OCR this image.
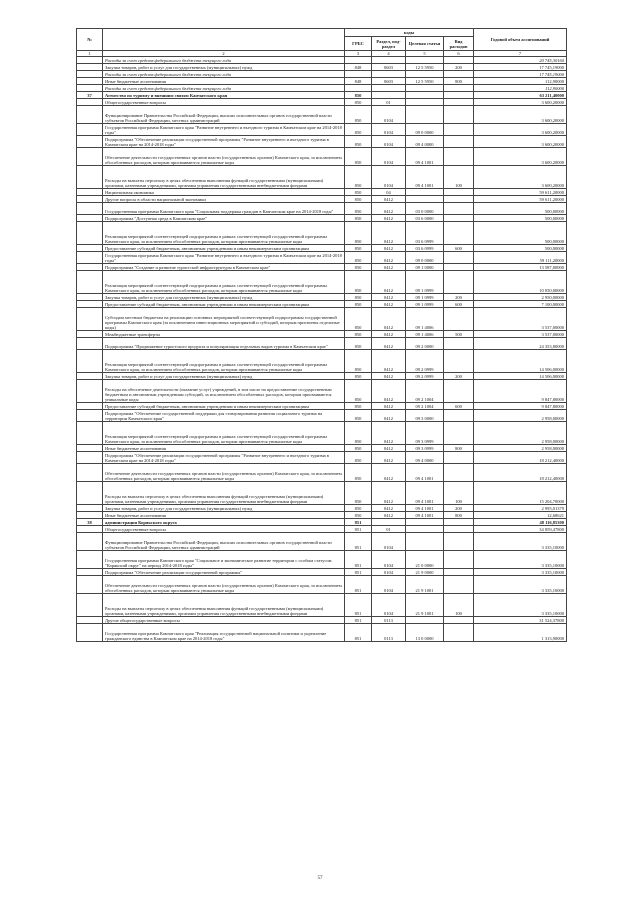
№		коды				Годовой объем ассигнований
		ГРБС	Раздел, под-раздел	Целевая статья	Вид расходов	
1	2	3	4	5	6	7
	Расходы за счет средств федерального бюджета текущего года					20 745,30160
	Закупка товаров, работ и услуг для государственных (муниципальных) нужд	848	0603	12 5 5950	200	17 745,19000
	Расходы за счет средств федерального бюджета текущего года					17 745,19000
	Иные бюджетные ассигнования	848	0603	12 5 5950	800	112,90000
	Расходы за счет средств федерального бюджета текущего года					112,90000
37	Агентство по туризму и внешним связям Камчатского края	850				63 211,40000
	Общегосударственные вопросы	850	01			3 600,20000
	Функционирование Правительства Российской Федерации, высших исполнительных органов государственной власти субъектов Российской Федерации, местных администраций	850	0104			3 600,20000
	Государственная программа Камчатского края "Развитие внутреннего и въездного туризма в Камчатском крае на 2014-2018 годы"	850	0104	09 0 0000		3 600,20000
	Подпрограмма "Обеспечение реализации государственной программы "Развитие внутреннего и въездного туризма в Камчатском крае на 2014-2018 годы"	850	0104	09 4 0000		3 600,20000
	Обеспечение деятельности государственных органов власти (государственных органов) Камчатского края, за исключением обособленных расходов, которым присваиваются уникальные коды	850	0104	09 4 1001		3 600,20000
	Расходы на выплаты персоналу в целях обеспечения выполнения функций государственными (муниципальными) органами, казенными учреждениями, органами управления государственными внебюджетными фондами	850	0104	09 4 1001	100	3 600,20000
	Национальная экономика	850	04			59 611,20000
	Другие вопросы в области национальной экономики	850	0412			59 611,20000
	Государственная программа Камчатского края "Социальная поддержка граждан в Камчатском крае на 2014-2018 годы"	850	0412	03 0 0000		500,00000
	Подпрограмма "Доступная среда в Камчатском крае"	850	0412	03 6 0000		500,00000
	Реализация мероприятий соответствующей подпрограммы в рамках соответствующей государственной программы Камчатского края, за исключением обособленных расходов, которым присваиваются уникальные коды	850	0412	03 6 0999		500,00000
	Предоставление субсидий бюджетным, автономным учреждениям и иным некоммерческим организациям	850	0412	03 6 0999	600	500,00000
	Государственная программа Камчатского края "Развитие внутреннего и въездного туризма в Камчатском крае на 2014-2018 годы"	850	0412	09 0 0000		59 111,20000
	Подпрограмма "Создание и развитие туристской инфраструктуры в Камчатском крае"	850	0412	09 1 0000		13 587,00000
	Реализация мероприятий соответствующей подпрограммы в рамках соответствующей государственной программы Камчатского края, за исключением обособленных расходов, которым присваиваются уникальные коды	850	0412	09 1 0999		10 050,00000
	Закупка товаров, работ и услуг для государственных (муниципальных) нужд	850	0412	09 1 0999	200	2 950,00000
	Предоставление субсидий бюджетным, автономным учреждениям и иным некоммерческим организациям	850	0412	09 1 0999	600	7 100,00000
	Субсидии местным бюджетам на реализацию основных мероприятий соответствующей подпрограммы государственной программы Камчатского края (за исключением инвестиционных мероприятий и субсидий, которым присвоены отдельные коды)	850	0412	09 1 4006		3 537,00000
	Межбюджетные трансферты	850	0412	09 1 4006	500	3 537,00000
	Подпрограмма "Продвижение туристского продукта и популяризация отдельных видов туризма в Камчатском крае"	850	0412	09 2 0000		24 353,80000
	Реализация мероприятий соответствующей подпрограммы в рамках соответствующей государственной программы Камчатского края, за исключением обособленных расходов, которым присваиваются уникальные коды	850	0412	09 2 0999		14 506,00000
	Закупка товаров, работ и услуг для государственных (муниципальных) нужд	850	0412	09 2 0999	200	14 506,00000
	Расходы на обеспечение деятельности (оказание услуг) учреждений, в том числе на предоставление государственным бюджетным и автономным учреждениям субсидий, за исключением обособленных расходов, которым присваиваются уникальные коды	850	0412	09 2 1004		9 847,80000
	Предоставление субсидий бюджетным, автономным учреждениям и иным некоммерческим организациям	850	0412	09 2 1004	600	9 847,80000
	Подпрограмма "Обеспечение государственной поддержки для стимулирования развития социального туризма на территории Камчатского края"	850	0412	09 3 0000		2 958,00000
	Реализация мероприятий соответствующей подпрограммы в рамках соответствующей государственной программы Камчатского края, за исключением обособленных расходов, которым присваиваются уникальные коды	850	0412	09 3 0999		2 958,00000
	Иные бюджетные ассигнования	850	0412	09 3 0999	800	2 958,00000
	Подпрограмма "Обеспечение реализации государственной программы "Развитие внутреннего и въездного туризма в Камчатском крае на 2014-2018 годы"	850	0412	09 4 0000		18 212,40000
	Обеспечение деятельности государственных органов власти (государственных органов) Камчатского края, за исключением обособленных расходов, которым присваиваются уникальные коды	850	0412	09 4 1001		18 212,40000
	Расходы на выплаты персоналу в целях обеспечения выполнения функций государственными (муниципальными) органами, казенными учреждениями, органами управления государственными внебюджетными фондами	850	0412	09 4 1001	100	15 204,70000
	Закупка товаров, работ и услуг для государственных (муниципальных) нужд	850	0412	09 4 1001	200	2 995,01379
	Иные бюджетные ассигнования	850	0412	09 4 1001	800	12,68621
38	администрация Корякского округа	851				48 116,85300
	Общегосударственные вопросы	851	01			34 859,47800
	Функционирование Правительства Российской Федерации, высших исполнительных органов государственной власти субъектов Российской Федерации, местных администраций	851	0104			3 335,10000
	Государственная программа Камчатского края "Социальное и экономическое развитие территории с особым статусом "Корякский округ" на период 2014-2018 годы"	851	0104	21 0 0000		3 335,10000
	Подпрограмма "Обеспечение реализации государственной программы"	851	0104	21 9 0000		3 335,10000
	Обеспечение деятельности государственных органов власти (государственных органов) Камчатского края, за исключением обособленных расходов, которым присваиваются уникальные коды	851	0104	21 9 1001		3 335,10000
	Расходы на выплаты персоналу в целях обеспечения выполнения функций государственными (муниципальными) органами, казенными учреждениями, органами управления государственными внебюджетными фондами	851	0104	21 9 1001	100	3 335,10000
	Другие общегосударственные вопросы	851	0113			31 524,37800
	Государственная программа Камчатского края "Реализация государственной национальной политики и укрепление гражданского единства в Камчатском крае на 2014-2018 годы"	851	0113	13 0 0000		1 313,90000
57
